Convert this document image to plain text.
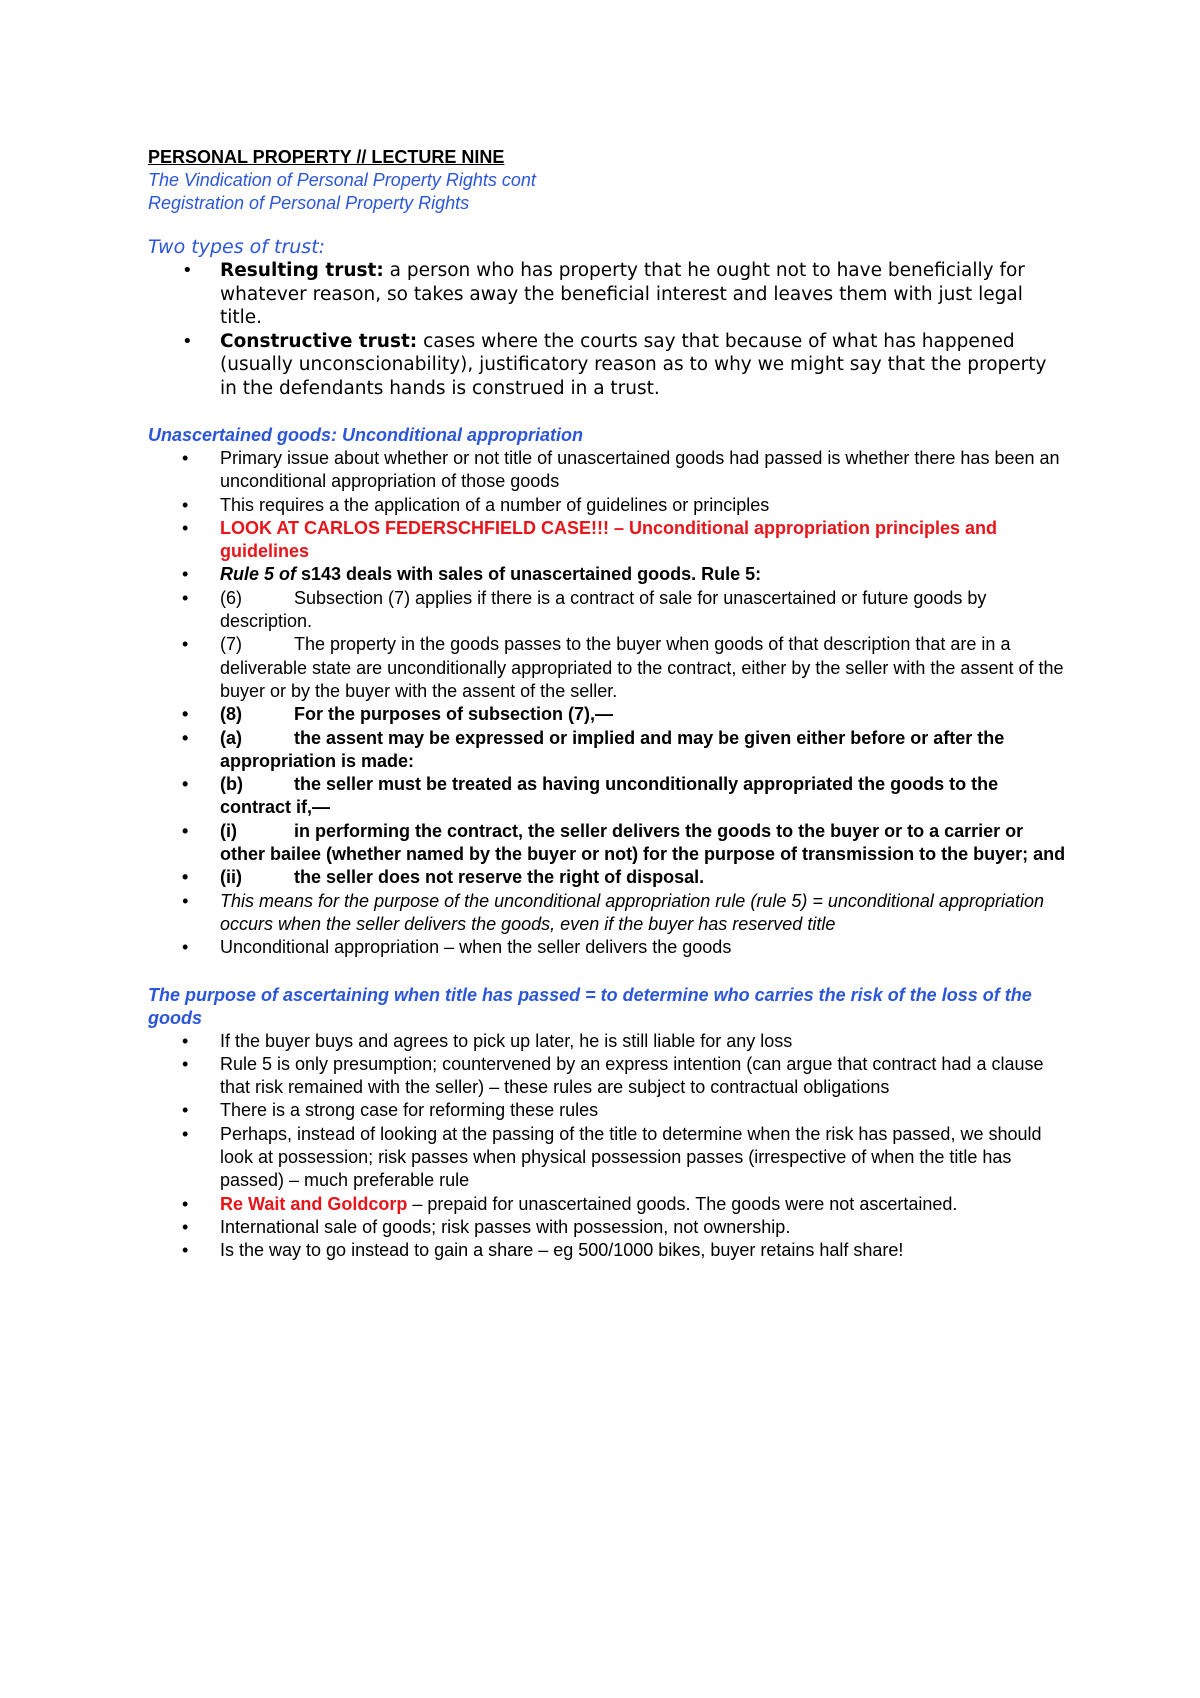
PERSONAL PROPERTY // LECTURE NINE

The Vindication of Personal Property Rights cont

Registration of Personal Property Rights

Two types of trust:

• Resulting trust: a person who has property that he ought not to have beneficially for whatever reason, so takes away the beneficial interest and leaves them with just legal title.
• Constructive trust: cases where the courts say that because of what has happened (usually unconscionability), justificatory reason as to why we might say that the property in the defendants hands is construed in a trust.

Unascertained goods: Unconditional appropriation

• Primary issue about whether or not title of unascertained goods had passed is whether there has been an unconditional appropriation of those goods
• This requires a the application of a number of guidelines or principles
• LOOK AT CARLOS FEDERSCHFIELD CASE!!! – Unconditional appropriation principles and guidelines
• Rule 5 of s143 deals with sales of unascertained goods. Rule 5:
• (6)	Subsection (7) applies if there is a contract of sale for unascertained or future goods by description.
• (7)	The property in the goods passes to the buyer when goods of that description that are in a deliverable state are unconditionally appropriated to the contract, either by the seller with the assent of the buyer or by the buyer with the assent of the seller.
• (8)	For the purposes of subsection (7),—
• (a)	the assent may be expressed or implied and may be given either before or after the appropriation is made:
• (b)	the seller must be treated as having unconditionally appropriated the goods to the contract if,—
• (i)	in performing the contract, the seller delivers the goods to the buyer or to a carrier or other bailee (whether named by the buyer or not) for the purpose of transmission to the buyer; and
• (ii)	the seller does not reserve the right of disposal.
• This means for the purpose of the unconditional appropriation rule (rule 5) = unconditional appropriation occurs when the seller delivers the goods, even if the buyer has reserved title
• Unconditional appropriation – when the seller delivers the goods

The purpose of ascertaining when title has passed = to determine who carries the risk of the loss of the goods

• If the buyer buys and agrees to pick up later, he is still liable for any loss
• Rule 5 is only presumption; countervened by an express intention (can argue that contract had a clause that risk remained with the seller) – these rules are subject to contractual obligations
• There is a strong case for reforming these rules
• Perhaps, instead of looking at the passing of the title to determine when the risk has passed, we should look at possession; risk passes when physical possession passes (irrespective of when the title has passed) – much preferable rule
• Re Wait and Goldcorp – prepaid for unascertained goods. The goods were not ascertained.
• International sale of goods; risk passes with possession, not ownership.
• Is the way to go instead to gain a share – eg 500/1000 bikes, buyer retains half share!
